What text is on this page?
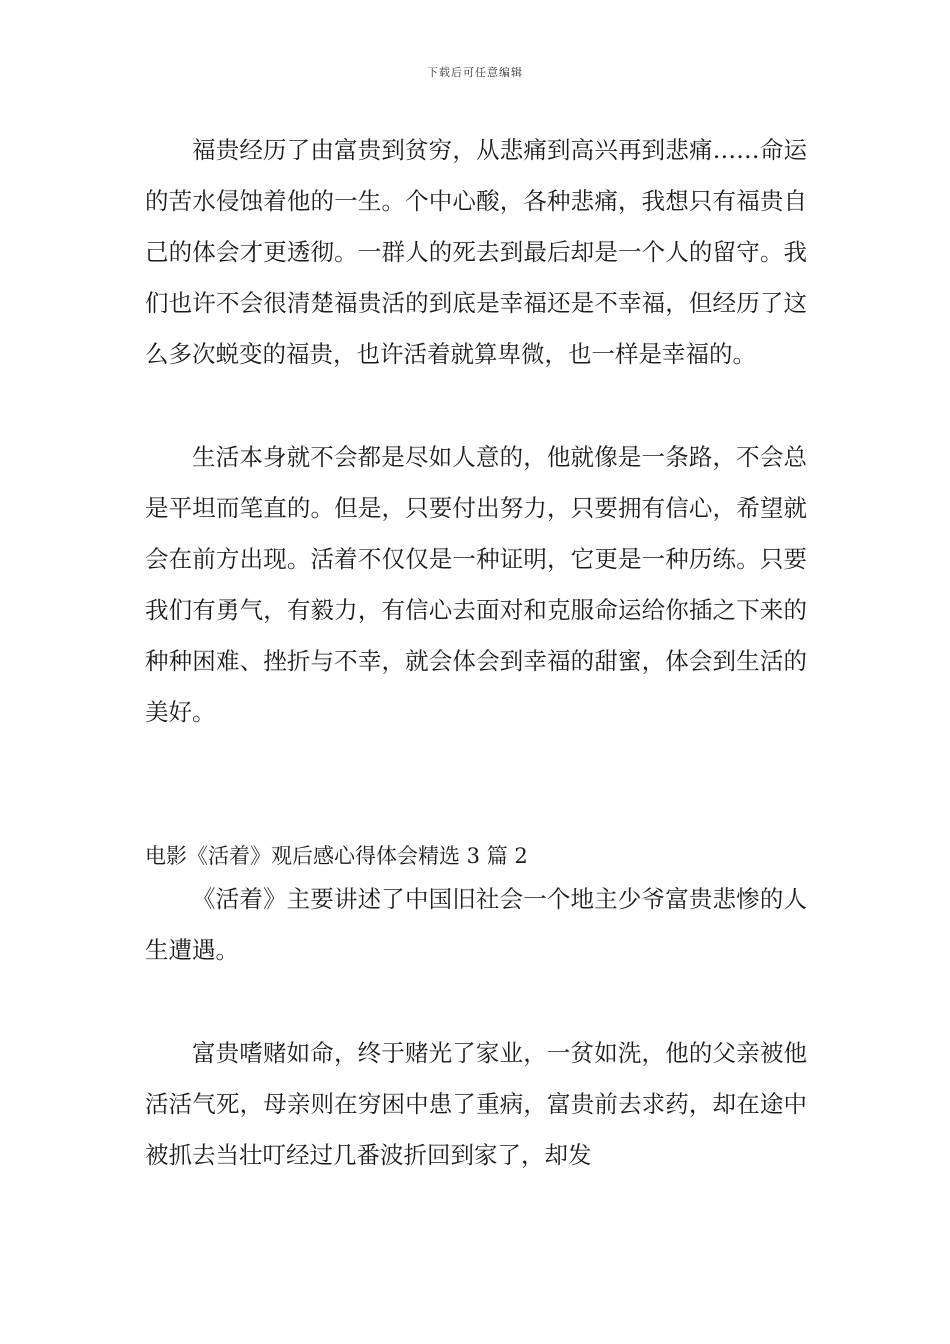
下载后可任意编辑

福贵经历了由富贵到贫穷，从悲痛到高兴再到悲痛……命运的苦水侵蚀着他的一生。个中心酸，各种悲痛，我想只有福贵自己的体会才更透彻。一群人的死去到最后却是一个人的留守。我们也许不会很清楚福贵活的到底是幸福还是不幸福，但经历了这么多次蜕变的福贵，也许活着就算卑微，也一样是幸福的。

生活本身就不会都是尽如人意的，他就像是一条路，不会总是平坦而笔直的。但是，只要付出努力，只要拥有信心，希望就会在前方出现。活着不仅仅是一种证明，它更是一种历练。只要我们有勇气，有毅力，有信心去面对和克服命运给你插之下来的种种困难、挫折与不幸，就会体会到幸福的甜蜜，体会到生活的美好。

电影《活着》观后感心得体会精选 3 篇 2

《活着》主要讲述了中国旧社会一个地主少爷富贵悲惨的人生遭遇。

富贵嗜赌如命，终于赌光了家业，一贫如洗，他的父亲被他活活气死，母亲则在穷困中患了重病，富贵前去求药，却在途中被抓去当壮叮经过几番波折回到家了，却发
